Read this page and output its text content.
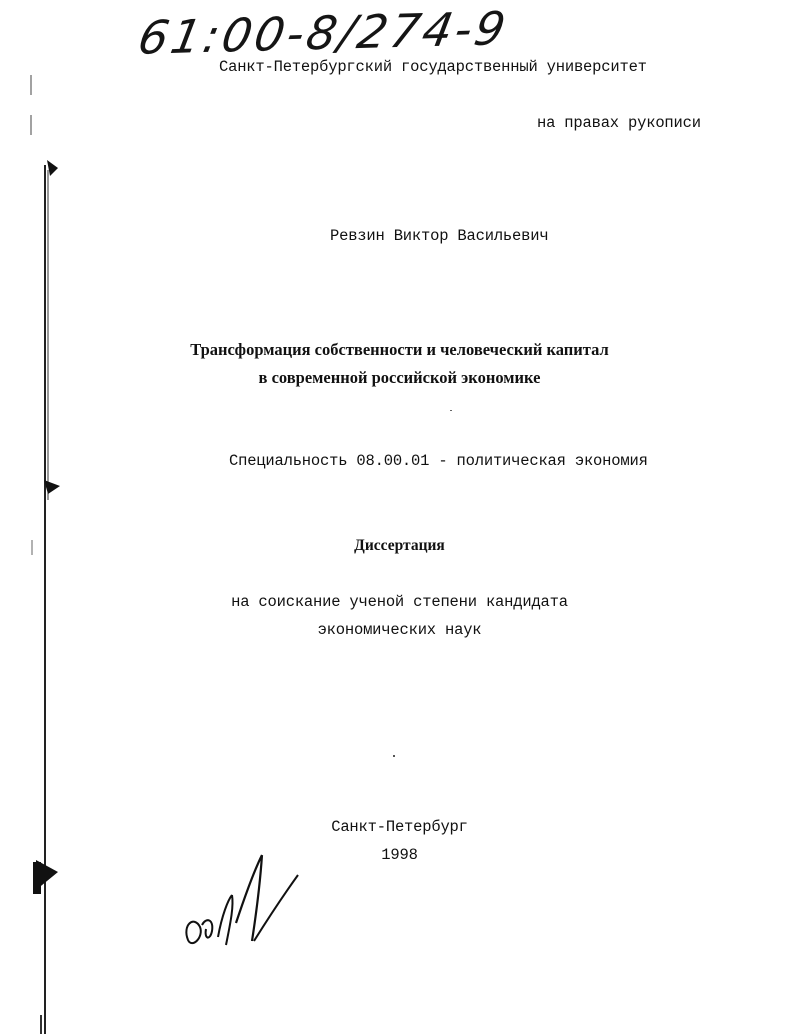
61:00-8/274-9
Санкт-Петербургский государственный университет
на правах рукописи
Ревзин Виктор Васильевич
Трансформация собственности и человеческий капитал
в современной российской экономике
Специальность 08.00.01 - политическая экономия
Диссертация
на соискание ученой степени кандидата
экономических наук
Санкт-Петербург
1998
